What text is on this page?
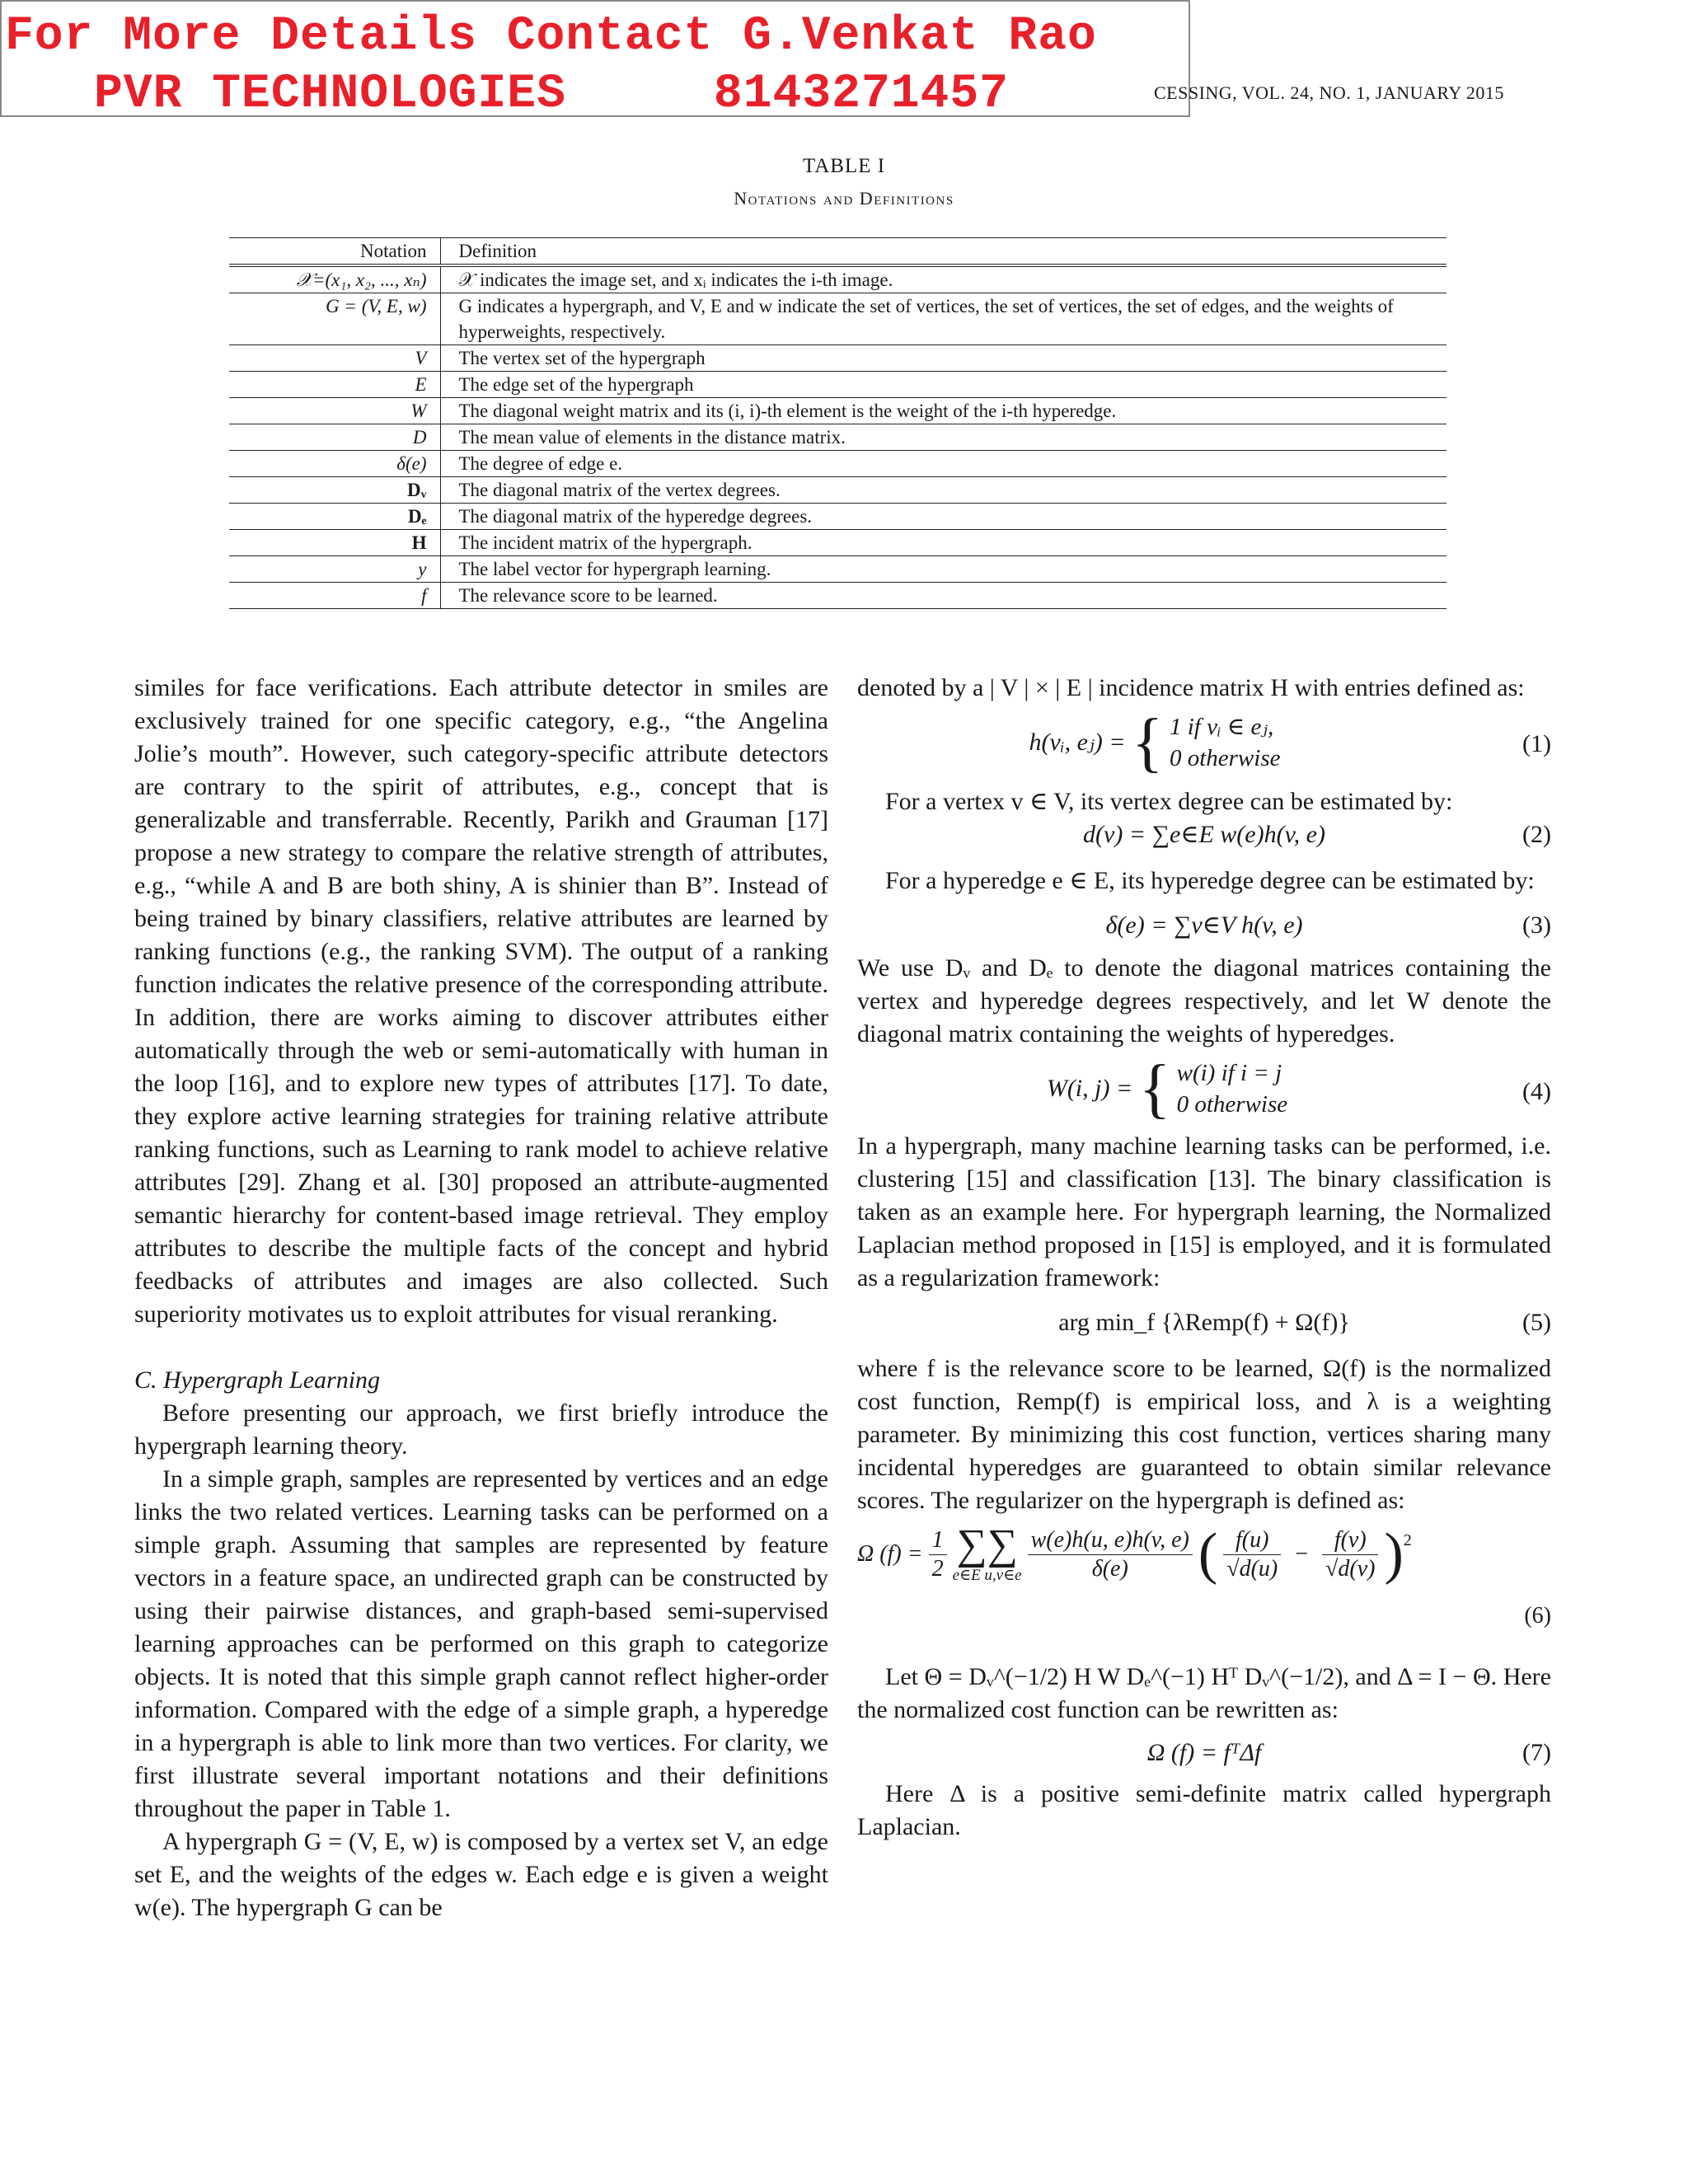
For More Details Contact G.Venkat Rao
PVR TECHNOLOGIES     8143271457	CESSING, VOL. 24, NO. 1, JANUARY 2015
TABLE I
Notations and Definitions
Notation	Definition
𝒳=(x₁, x₂, ..., xₙ)	𝒳 indicates the image set, and xᵢ indicates the i-th image.
G = (V, E, w)	G indicates a hypergraph, and V, E and w indicate the set of vertices, the set of vertices, the set of edges, and the weights of hyperweights, respectively.
V	The vertex set of the hypergraph
E	The edge set of the hypergraph
W	The diagonal weight matrix and its (i, i)-th element is the weight of the i-th hyperedge.
D	The mean value of elements in the distance matrix.
δ(e)	The degree of edge e.
Dᵥ	The diagonal matrix of the vertex degrees.
Dₑ	The diagonal matrix of the hyperedge degrees.
H	The incident matrix of the hypergraph.
y	The label vector for hypergraph learning.
f	The relevance score to be learned.

similes for face verifications. Each attribute detector in smiles are exclusively trained for one specific category, e.g., “the Angelina Jolie’s mouth”. However, such category-specific attribute detectors are contrary to the spirit of attributes, e.g., concept that is generalizable and transferrable. Recently, Parikh and Grauman [17] propose a new strategy to compare the relative strength of attributes, e.g., “while A and B are both shiny, A is shinier than B”. Instead of being trained by binary classifiers, relative attributes are learned by ranking functions (e.g., the ranking SVM). The output of a ranking function indicates the relative presence of the corresponding attribute. In addition, there are works aiming to discover attributes either automatically through the web or semi-automatically with human in the loop [16], and to explore new types of attributes [17]. To date, they explore active learning strategies for training relative attribute ranking functions, such as Learning to rank model to achieve relative attributes [29]. Zhang et al. [30] proposed an attribute-augmented semantic hierarchy for content-based image retrieval. They employ attributes to describe the multiple facts of the concept and hybrid feedbacks of attributes and images are also collected. Such superiority motivates us to exploit attributes for visual reranking.

C. Hypergraph Learning

Before presenting our approach, we first briefly introduce the hypergraph learning theory.

In a simple graph, samples are represented by vertices and an edge links the two related vertices. Learning tasks can be performed on a simple graph. Assuming that samples are represented by feature vectors in a feature space, an undirected graph can be constructed by using their pairwise distances, and graph-based semi-supervised learning approaches can be performed on this graph to categorize objects. It is noted that this simple graph cannot reflect higher-order information. Compared with the edge of a simple graph, a hyperedge in a hypergraph is able to link more than two vertices. For clarity, we first illustrate several important notations and their definitions throughout the paper in Table 1.

A hypergraph G = (V, E, w) is composed by a vertex set V, an edge set E, and the weights of the edges w. Each edge e is given a weight w(e). The hypergraph G can be

denoted by a | V | × | E | incidence matrix H with entries defined as:

h(vᵢ, eⱼ) = { 1 if vᵢ ∈ eⱼ,
0 otherwise
(1)

For a vertex v ∈ V, its vertex degree can be estimated by:

d(v) = ∑e∈E w(e)h(v, e)	(2)

For a hyperedge e ∈ E, its hyperedge degree can be estimated by:

δ(e) = ∑v∈V h(v, e)	(3)

We use Dᵥ and Dₑ to denote the diagonal matrices containing the vertex and hyperedge degrees respectively, and let W denote the diagonal matrix containing the weights of hyperedges.

W(i, j) = { w(i) if i = j
0 otherwise	(4)

In a hypergraph, many machine learning tasks can be performed, i.e. clustering [15] and classification [13]. The binary classification is taken as an example here. For hypergraph learning, the Normalized Laplacian method proposed in [15] is employed, and it is formulated as a regularization framework:

arg min_f {λRemp(f) + Ω(f)}	(5)

where f is the relevance score to be learned, Ω(f) is the normalized cost function, Remp(f) is empirical loss, and λ is a weighting parameter. By minimizing this cost function, vertices sharing many incidental hyperedges are guaranteed to obtain similar relevance scores. The regularizer on the hypergraph is defined as:

Ω $(f) = \frac{1}{2}$
∑∑
e∈E u,v∈e
$\frac{w(e)h(u, e)h(v, e)}{\delta(e)}$ ( $\frac{f(u)}{√d(u)} - \frac{f(v)}{√d(v)} )^2$
(6)

Let Θ = Dᵥ^(−1/2) H W Dₑ^(−1) Hᵀ Dᵥ^(−1/2), and Δ = I − Θ. Here the normalized cost function can be rewritten as:

Ω (f) = fᵀΔf	(7)

Here Δ is a positive semi-definite matrix called hypergraph Laplacian.
